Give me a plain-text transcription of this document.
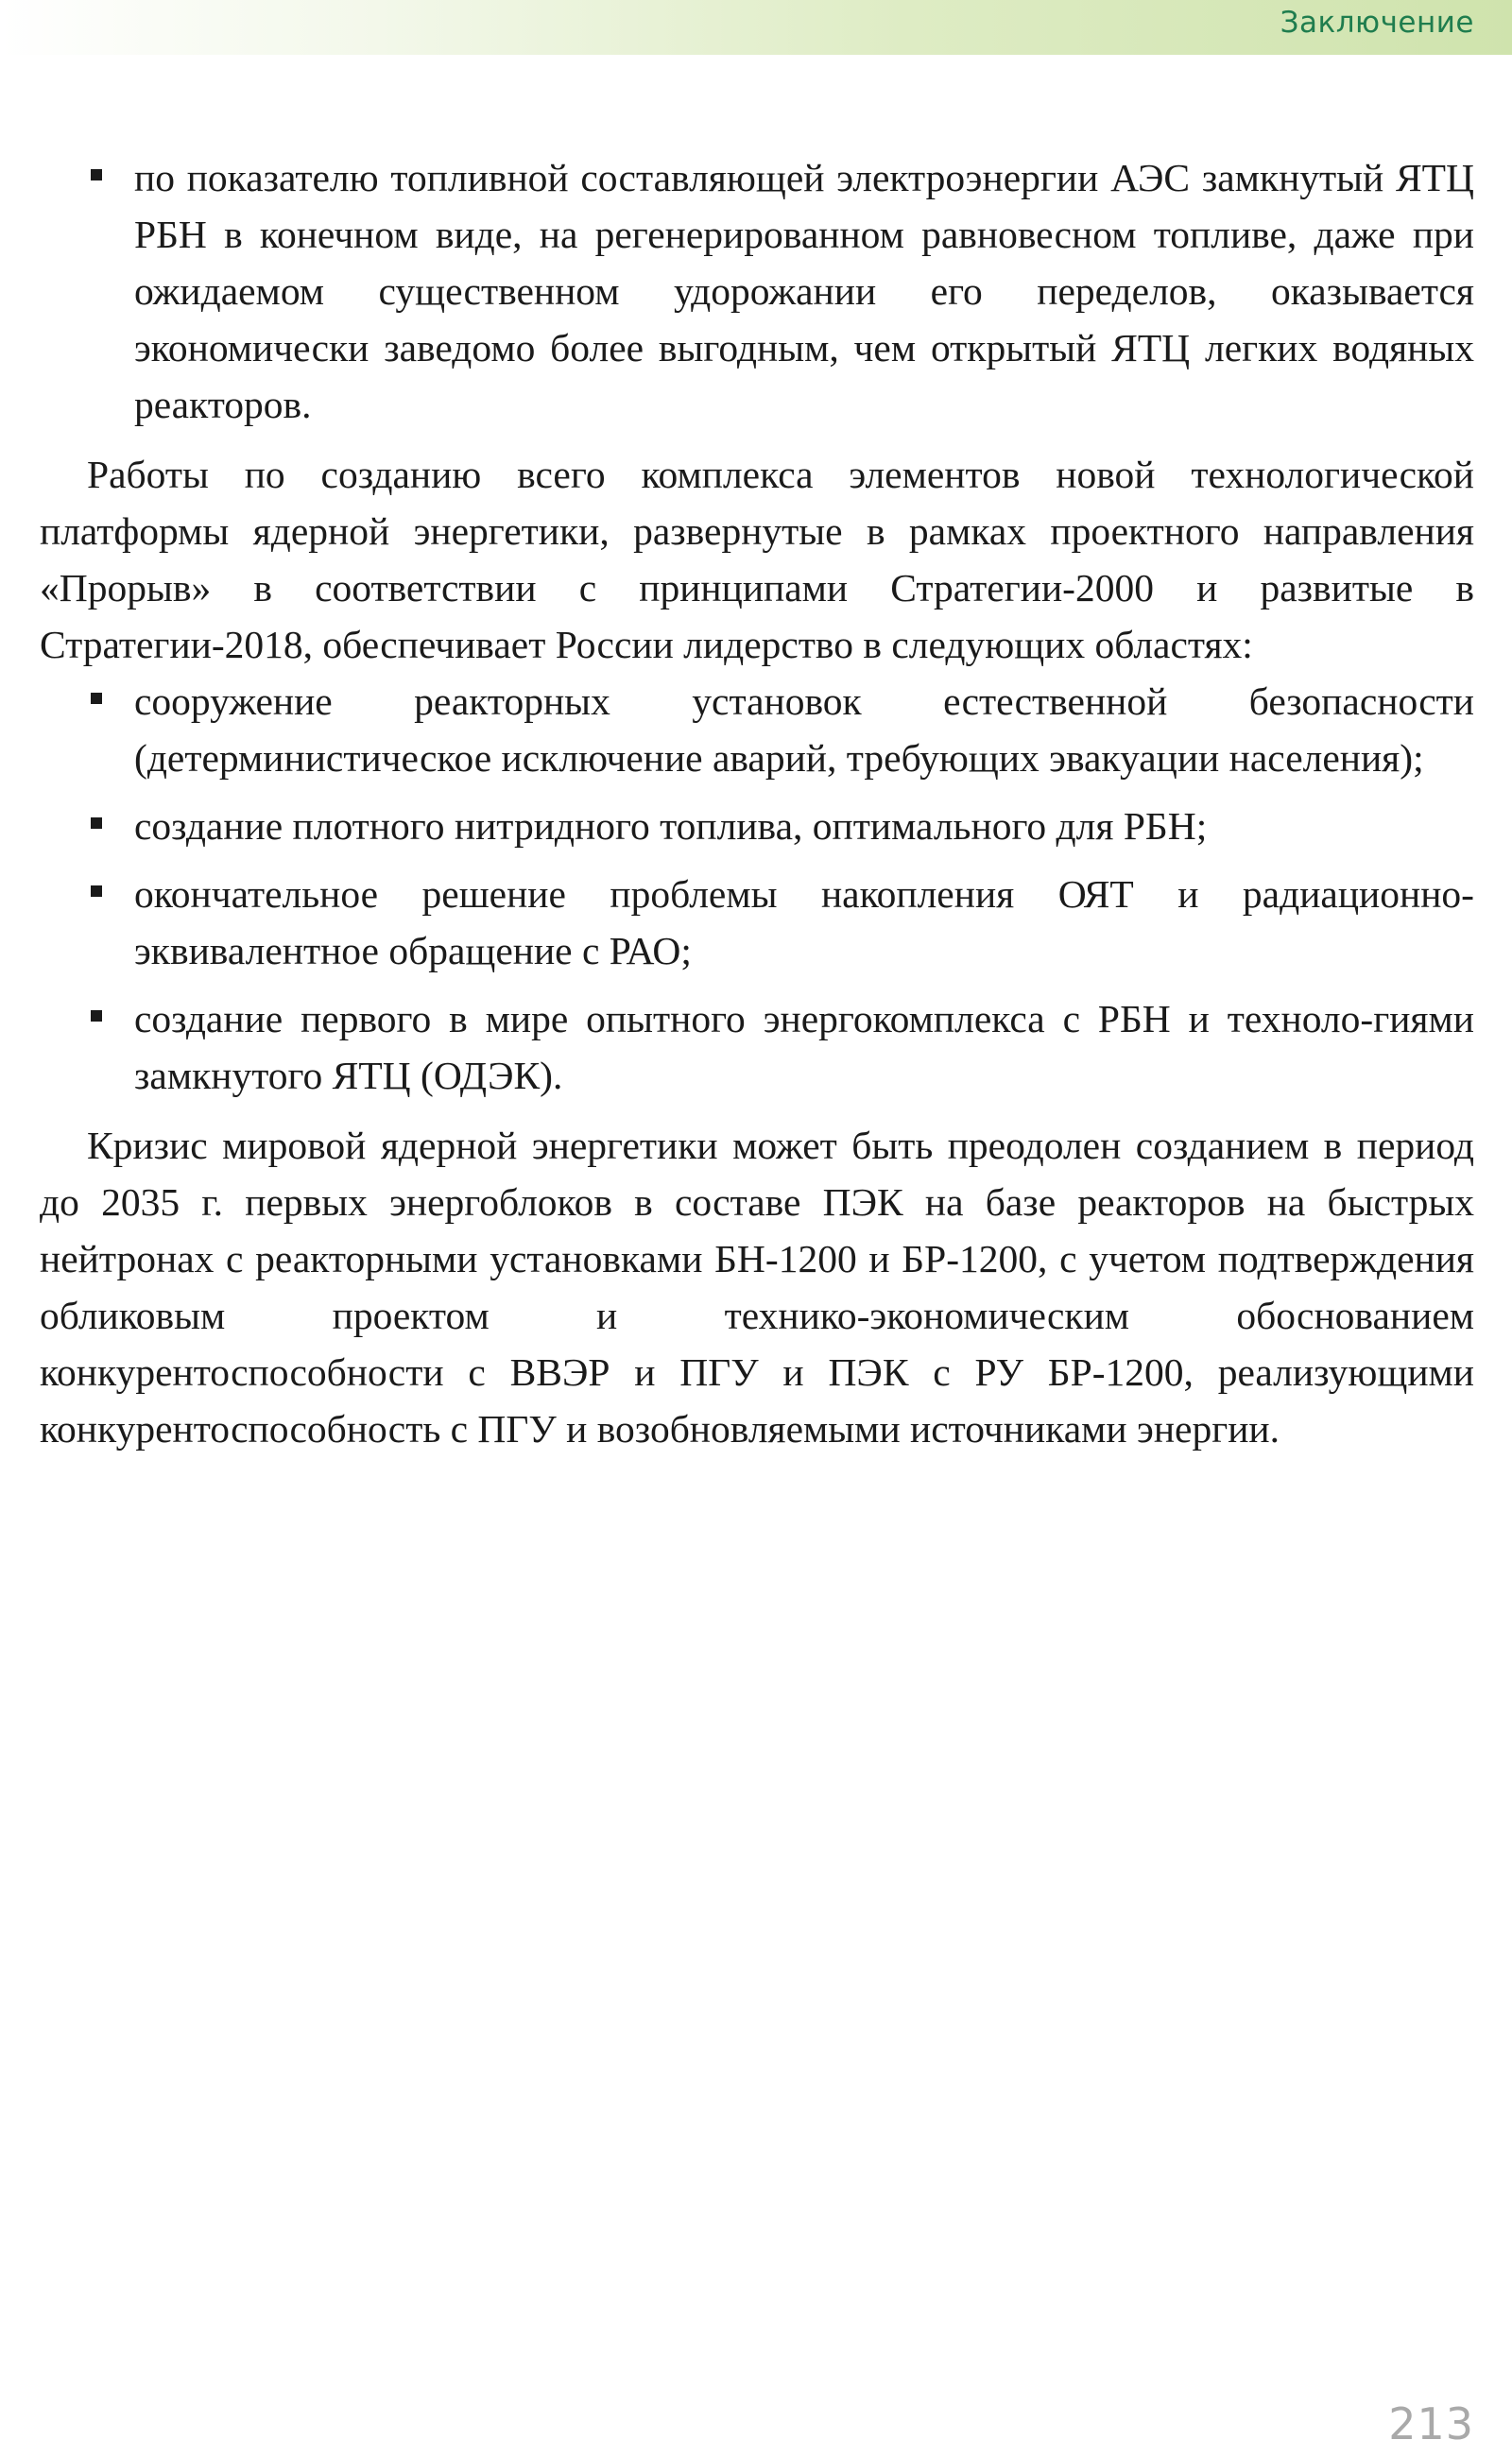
Заключение
по показателю топливной составляющей электроэнергии АЭС замкнутый ЯТЦ РБН в конечном виде, на регенерированном равновесном топливе, даже при ожидаемом существенном удорожании его переделов, оказывается экономически заведомо более выгодным, чем открытый ЯТЦ легких водяных реакторов.
Работы по созданию всего комплекса элементов новой технологической платформы ядерной энергетики, развернутые в рамках проектного направления «Прорыв» в соответствии с принципами Стратегии-2000 и развитые в Стратегии-2018, обеспечивает России лидерство в следующих областях:
сооружение реакторных установок естественной безопасности (детерминистическое исключение аварий, требующих эвакуации населения);
создание плотного нитридного топлива, оптимального для РБН;
окончательное решение проблемы накопления ОЯТ и радиационно-эквивалентное обращение с РАО;
создание первого в мире опытного энергокомплекса с РБН и техноло-гиями замкнутого ЯТЦ (ОДЭК).
Кризис мировой ядерной энергетики может быть преодолен созданием в период до 2035 г. первых энергоблоков в составе ПЭК на базе реакторов на быстрых нейтронах с реакторными установками БН-1200 и БР-1200, с учетом подтверждения обликовым проектом и технико-экономическим обоснованием конкурентоспособности с ВВЭР и ПГУ и ПЭК с РУ БР-1200, реализующими конкурентоспособность с ПГУ и возобновляемыми источниками энергии.
213
